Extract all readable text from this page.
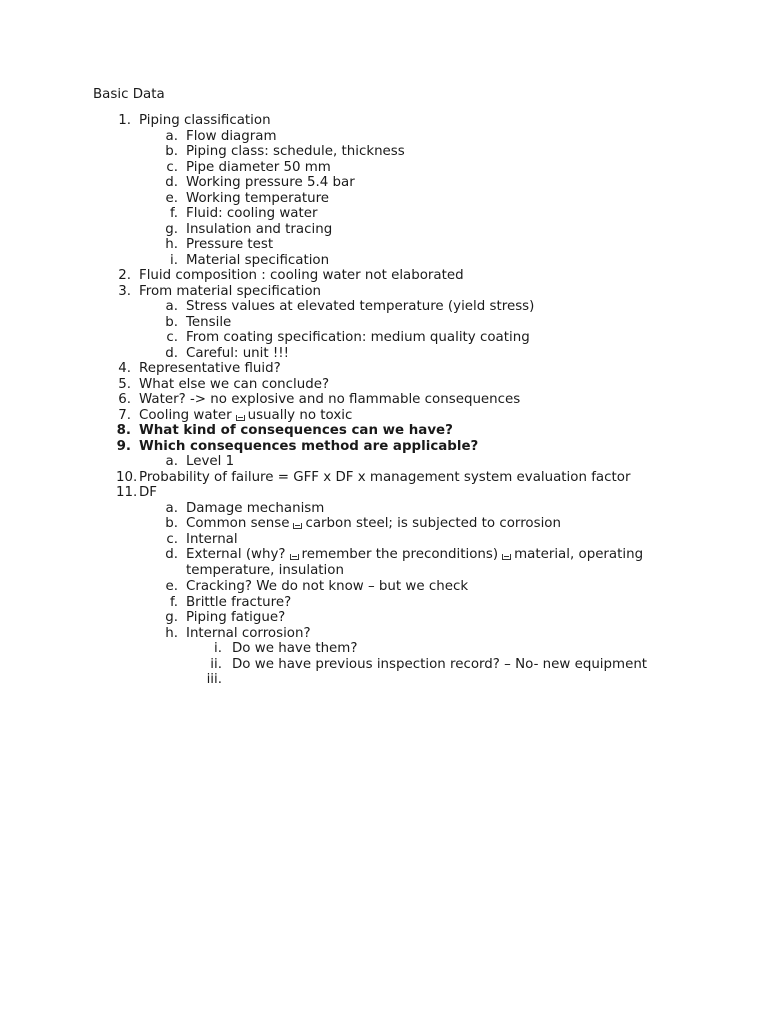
Basic Data
1. Piping classification
a. Flow diagram
b. Piping class: schedule, thickness
c. Pipe diameter 50 mm
d. Working pressure 5.4 bar
e. Working temperature
f. Fluid: cooling water
g. Insulation and tracing
h. Pressure test
i. Material specification
2. Fluid composition : cooling water not elaborated
3. From material specification
a. Stress values at elevated temperature (yield stress)
b. Tensile
c. From coating specification: medium quality coating
d. Careful: unit !!!
4. Representative fluid?
5. What else we can conclude?
6. Water? -> no explosive and no flammable consequences
7. Cooling water usually no toxic
8. What kind of consequences can we have?
9. Which consequences method are applicable?
a. Level 1
10. Probability of failure = GFF x DF x management system evaluation factor
11. DF
a. Damage mechanism
b. Common sense carbon steel; is subjected to corrosion
c. Internal
d. External (why? remember the preconditions) material, operating temperature, insulation
e. Cracking? We do not know – but we check
f. Brittle fracture?
g. Piping fatigue?
h. Internal corrosion?
i. Do we have them?
ii. Do we have previous inspection record? – No- new equipment
iii.
